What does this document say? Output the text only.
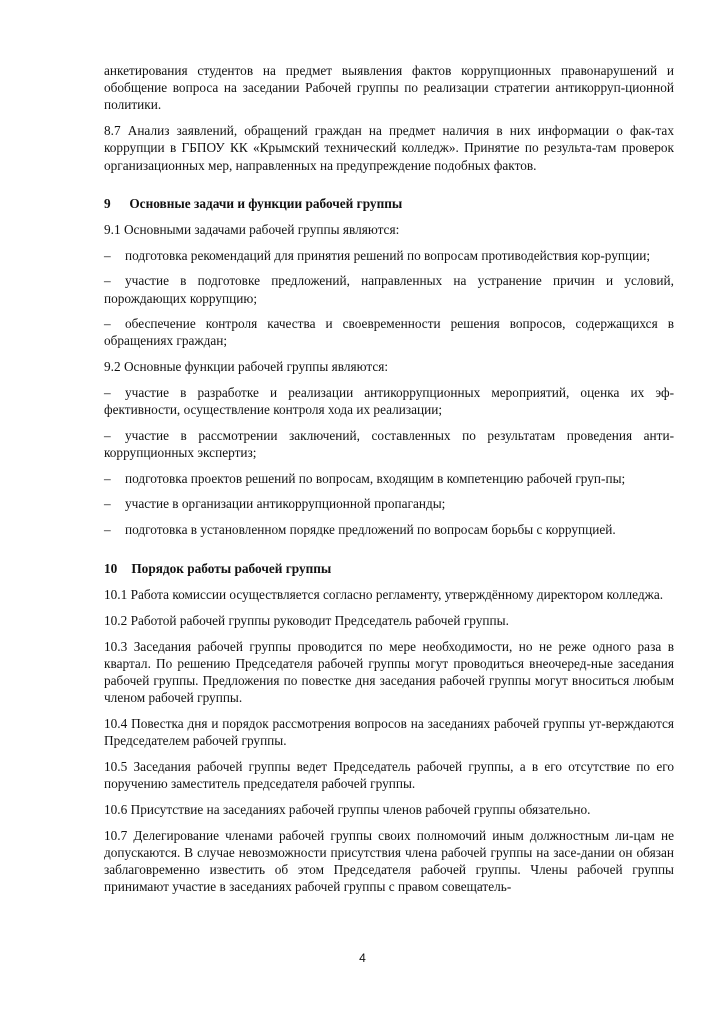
анкетирования студентов на предмет выявления фактов коррупционных правонарушений и обобщение вопроса на заседании Рабочей группы по реализации стратегии антикорруп-ционной политики.

8.7 Анализ заявлений, обращений граждан на предмет наличия в них информации о фак-тах коррупции в ГБПОУ КК «Крымский технический колледж». Принятие по результа-там проверок организационных мер, направленных на предупреждение подобных фактов.

9 Основные задачи и функции рабочей группы

9.1 Основными задачами рабочей группы являются:

– подготовка рекомендаций для принятия решений по вопросам противодействия кор-рупции;

– участие в подготовке предложений, направленных на устранение причин и условий, порождающих коррупцию;

– обеспечение контроля качества и своевременности решения вопросов, содержащихся в обращениях граждан;

9.2 Основные функции рабочей группы являются:

– участие в разработке и реализации антикоррупционных мероприятий, оценка их эф-фективности, осуществление контроля хода их реализации;

– участие в рассмотрении заключений, составленных по результатам проведения анти-коррупционных экспертиз;

– подготовка проектов решений по вопросам, входящим в компетенцию рабочей груп-пы;

– участие в организации антикоррупционной пропаганды;

– подготовка в установленном порядке предложений по вопросам борьбы с коррупцией.

10 Порядок работы рабочей группы

10.1 Работа комиссии осуществляется согласно регламенту, утверждённому директором колледжа.

10.2 Работой рабочей группы руководит Председатель рабочей группы.

10.3 Заседания рабочей группы проводится по мере необходимости, но не реже одного раза в квартал. По решению Председателя рабочей группы могут проводиться внеочеред-ные заседания рабочей группы. Предложения по повестке дня заседания рабочей группы могут вноситься любым членом рабочей группы.

10.4 Повестка дня и порядок рассмотрения вопросов на заседаниях рабочей группы ут-верждаются Председателем рабочей группы.

10.5 Заседания рабочей группы ведет Председатель рабочей группы, а в его отсутствие по его поручению заместитель председателя рабочей группы.

10.6 Присутствие на заседаниях рабочей группы членов рабочей группы обязательно.

10.7 Делегирование членами рабочей группы своих полномочий иным должностным ли-цам не допускаются. В случае невозможности присутствия члена рабочей группы на засе-дании он обязан заблаговременно известить об этом Председателя рабочей группы. Члены рабочей группы принимают участие в заседаниях рабочей группы с правом совещатель-

4
